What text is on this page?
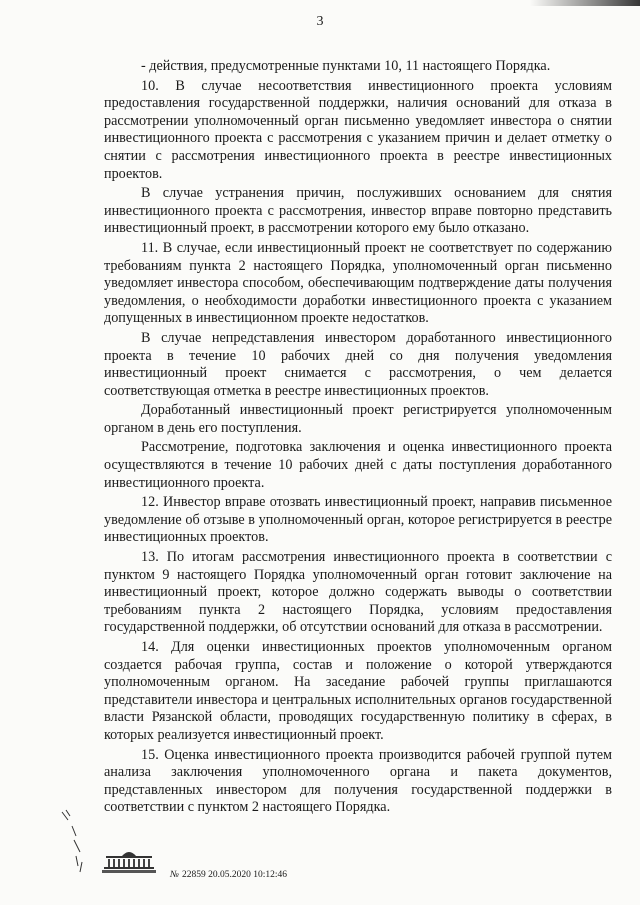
3

- действия, предусмотренные пунктами 10, 11 настоящего Порядка.

10. В случае несоответствия инвестиционного проекта условиям предоставления государственной поддержки, наличия оснований для отказа в рассмотрении уполномоченный орган письменно уведомляет инвестора о снятии инвестиционного проекта с рассмотрения с указанием причин и делает отметку о снятии с рассмотрения инвестиционного проекта в реестре инвестиционных проектов.

В случае устранения причин, послуживших основанием для снятия инвестиционного проекта с рассмотрения, инвестор вправе повторно представить инвестиционный проект, в рассмотрении которого ему было отказано.

11. В случае, если инвестиционный проект не соответствует по содержанию требованиям пункта 2 настоящего Порядка, уполномоченный орган письменно уведомляет инвестора способом, обеспечивающим подтверждение даты получения уведомления, о необходимости доработки инвестиционного проекта с указанием допущенных в инвестиционном проекте недостатков.

В случае непредставления инвестором доработанного инвестиционного проекта в течение 10 рабочих дней со дня получения уведомления инвестиционный проект снимается с рассмотрения, о чем делается соответствующая отметка в реестре инвестиционных проектов.

Доработанный инвестиционный проект регистрируется уполномоченным органом в день его поступления.

Рассмотрение, подготовка заключения и оценка инвестиционного проекта осуществляются в течение 10 рабочих дней с даты поступления доработанного инвестиционного проекта.

12. Инвестор вправе отозвать инвестиционный проект, направив письменное уведомление об отзыве в уполномоченный орган, которое регистрируется в реестре инвестиционных проектов.

13. По итогам рассмотрения инвестиционного проекта в соответствии с пунктом 9 настоящего Порядка уполномоченный орган готовит заключение на инвестиционный проект, которое должно содержать выводы о соответствии требованиям пункта 2 настоящего Порядка, условиям предоставления государственной поддержки, об отсутствии оснований для отказа в рассмотрении.

14. Для оценки инвестиционных проектов уполномоченным органом создается рабочая группа, состав и положение о которой утверждаются уполномоченным органом. На заседание рабочей группы приглашаются представители инвестора и центральных исполнительных органов государственной власти Рязанской области, проводящих государственную политику в сферах, в которых реализуется инвестиционный проект.

15. Оценка инвестиционного проекта производится рабочей группой путем анализа заключения уполномоченного органа и пакета документов, представленных инвестором для получения государственной поддержки в соответствии с пунктом 2 настоящего Порядка.

№ 22859 20.05.2020 10:12:46
